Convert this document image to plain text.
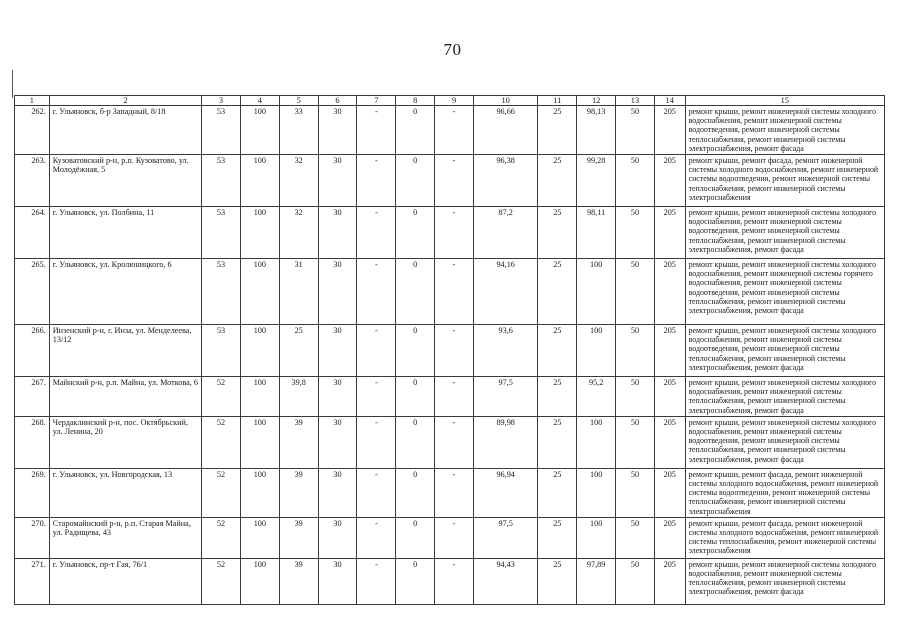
70
1	2	3	4	5	6	7	8	9	10	11	12	13	14	15
262.	г. Ульяновск, б-р Западный, 8/18	53	100	33	30	-	0	-	96,66	25	98,13	50	205	ремонт крыши, ремонт инженерной системы холодного водоснабжения, ремонт инженерной системы водоотведения, ремонт инженерной системы теплоснабжения, ремонт инженерной системы электроснабжения, ремонт фасада
263.	Кузоватовский р-н, р.п. Кузоватово, ул. Молодёжная, 5	53	100	32	30	-	0	-	96,38	25	99,28	50	205	ремонт крыши, ремонт фасада, ремонт инженерной системы холодного водоснабжения, ремонт инженерной системы водоотведения, ремонт инженерной системы теплоснабжения, ремонт инженерной системы электроснабжения
264.	г. Ульяновск, ул. Полбина, 11	53	100	32	30	-	0	-	87,2	25	98,11	50	205	ремонт крыши, ремонт инженерной системы холодного водоснабжения, ремонт инженерной системы водоотведения, ремонт инженерной системы теплоснабжения, ремонт инженерной системы электроснабжения, ремонт фасада
265.	г. Ульяновск, ул. Кролюницкого, 6	53	100	31	30	-	0	-	94,16	25	100	50	205	ремонт крыши, ремонт инженерной системы холодного водоснабжения, ремонт инженерной системы горячего водоснабжения, ремонт инженерной системы водоотведения, ремонт инженерной системы теплоснабжения, ремонт инженерной системы электроснабжения, ремонт фасада
266.	Инзенский р-н, г. Инза, ул. Менделеева, 13/12	53	100	25	30	-	0	-	93,6	25	100	50	205	ремонт крыши, ремонт инженерной системы холодного водоснабжения, ремонт инженерной системы водоотведения, ремонт инженерной системы теплоснабжения, ремонт инженерной системы электроснабжения, ремонт фасада
267.	Майнский р-н, р.п. Майна, ул. Моткова, 6	52	100	39,8	30	-	0	-	97,5	25	95,2	50	205	ремонт крыши, ремонт инженерной системы холодного водоснабжения, ремонт инженерной системы теплоснабжения, ремонт инженерной системы электроснабжения, ремонт фасада
268.	Чердаклинский р-н, пос. Октябрьский, ул. Ленина, 20	52	100	39	30	-	0	-	89,98	25	100	50	205	ремонт крыши, ремонт инженерной системы холодного водоснабжения, ремонт инженерной системы водоотведения, ремонт инженерной системы теплоснабжения, ремонт инженерной системы электроснабжения, ремонт фасада
269.	г. Ульяновск, ул. Новгородская, 13	52	100	39	30	-	0	-	96,94	25	100	50	205	ремонт крыши, ремонт фасада, ремонт инженерной системы холодного водоснабжения, ремонт инженерной системы водоотведения, ремонт инженерной системы теплоснабжения, ремонт инженерной системы электроснабжения
270.	Старомайнский р-н, р.п. Старая Майна, ул. Радищева, 43	52	100	39	30	-	0	-	97,5	25	100	50	205	ремонт крыши, ремонт фасада, ремонт инженерной системы холодного водоснабжения, ремонт инженерной системы теплоснабжения, ремонт инженерной системы электроснабжения
271.	г. Ульяновск, пр-т Гая, 76/1	52	100	39	30	-	0	-	94,43	25	97,89	50	205	ремонт крыши, ремонт инженерной системы холодного водоснабжения, ремонт инженерной системы теплоснабжения, ремонт инженерной системы электроснабжения, ремонт фасада
